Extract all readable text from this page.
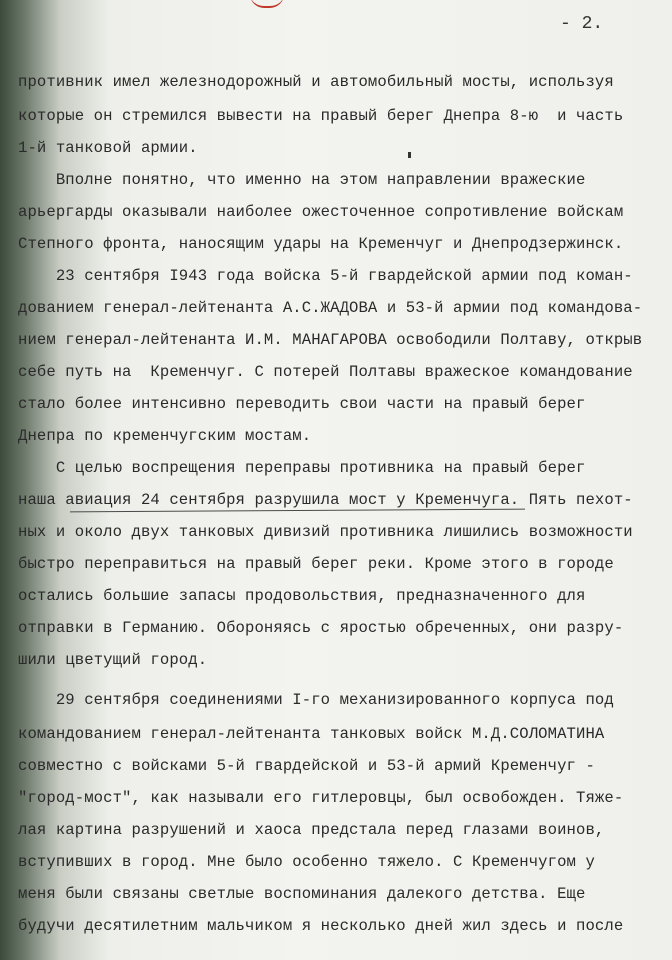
- 2.
противник имел железнодорожный и автомобильный мосты, используя
которые он стремился вывести на правый берег Днепра 8-ю  и часть
1-й танковой армии.
Вполне понятно, что именно на этом направлении вражеские
арьергарды оказывали наиболее ожесточенное сопротивление войскам
Степного фронта, наносящим удары на Кременчуг и Днепродзержинск.
23 сентября I943 года войска 5-й гвардейской армии под коман-
дованием генерал-лейтенанта А.С.ЖАДОВА и 53-й армии под командова-
нием генерал-лейтенанта И.М. МАНАГАРОВА освободили Полтаву, открыв
себе путь на  Кременчуг. С потерей Полтавы вражеское командование
стало более интенсивно переводить свои части на правый берег
Днепра по кременчугским мостам.
С целью воспрещения переправы противника на правый берег
наша авиация 24 сентября разрушила мост у Кременчуга. Пять пехот-
ных и около двух танковых дивизий противника лишились возможности
быстро переправиться на правый берег реки. Кроме этого в городе
остались большие запасы продовольствия, предназначенного для
отправки в Германию. Обороняясь с яростью обреченных, они разру-
шили цветущий город.
29 сентября соединениями I-го механизированного корпуса под
командованием генерал-лейтенанта танковых войск М.Д.СОЛОМАТИНА
совместно с войсками 5-й гвардейской и 53-й армий Кременчуг -
"город-мост", как называли его гитлеровцы, был освобожден. Тяже-
лая картина разрушений и хаоса предстала перед глазами воинов,
вступивших в город. Мне было особенно тяжело. С Кременчугом у
меня были связаны светлые воспоминания далекого детства. Еще
будучи десятилетним мальчиком я несколько дней жил здесь и после
